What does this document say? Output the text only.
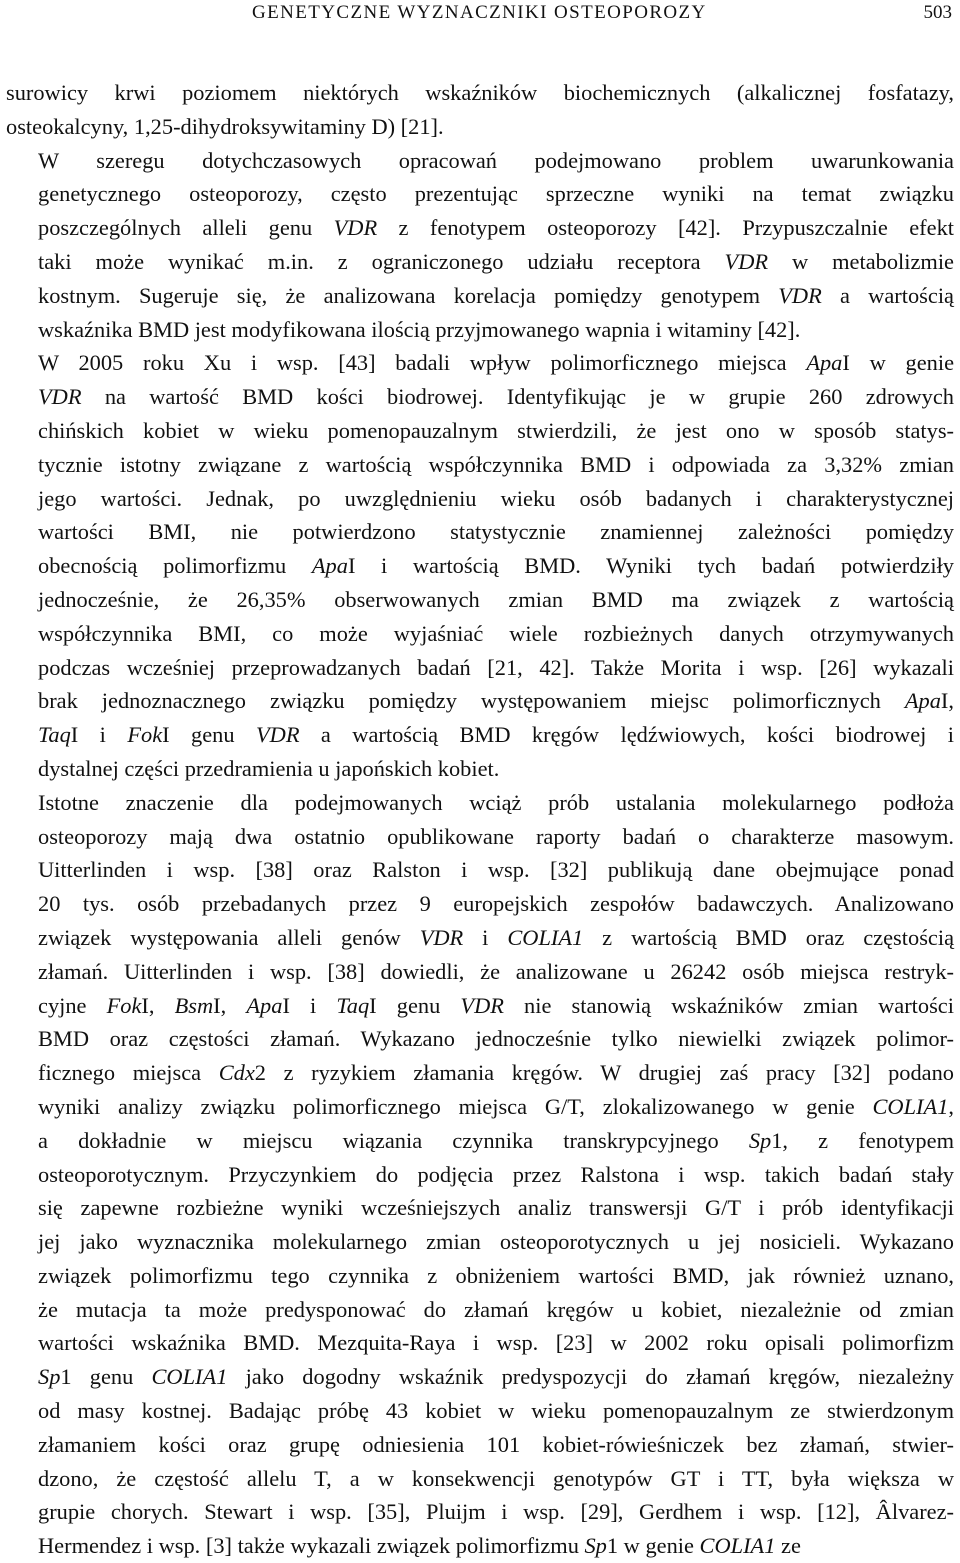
GENETYCZNE WYZNACZNIKI OSTEOPOROZY	503

surowicy krwi poziomem niektórych wskaźników biochemicznych (alkalicznej fosfatazy,
osteokalcyny, 1,25-dihydroksywitaminy D) [21].

W szeregu dotychczasowych opracowań podejmowano problem uwarunkowania
genetycznego osteoporozy, często prezentując sprzeczne wyniki na temat związku
poszczególnych alleli genu VDR z fenotypem osteoporozy [42]. Przypuszczalnie efekt
taki może wynikać m.in. z ograniczonego udziału receptora VDR w metabolizmie
kostnym. Sugeruje się, że analizowana korelacja pomiędzy genotypem VDR a wartością
wskaźnika BMD jest modyfikowana ilością przyjmowanego wapnia i witaminy [42].

W 2005 roku Xu i wsp. [43] badali wpływ polimorficznego miejsca ApaI w genie
VDR na wartość BMD kości biodrowej. Identyfikując je w grupie 260 zdrowych
chińskich kobiet w wieku pomenopauzalnym stwierdzili, że jest ono w sposób statys-
tycznie istotny związane z wartością współczynnika BMD i odpowiada za 3,32% zmian
jego wartości. Jednak, po uwzględnieniu wieku osób badanych i charakterystycznej
wartości BMI, nie potwierdzono statystycznie znamiennej zależności pomiędzy
obecnością polimorfizmu ApaI i wartością BMD. Wyniki tych badań potwierdziły
jednocześnie, że 26,35% obserwowanych zmian BMD ma związek z wartością
współczynnika BMI, co może wyjaśniać wiele rozbieżnych danych otrzymywanych
podczas wcześniej przeprowadzanych badań [21, 42]. Także Morita i wsp. [26] wykazali
brak jednoznacznego związku pomiędzy występowaniem miejsc polimorficznych ApaI,
TaqI i FokI genu VDR a wartością BMD kręgów lędźwiowych, kości biodrowej i
dystalnej części przedramienia u japońskich kobiet.

Istotne znaczenie dla podejmowanych wciąż prób ustalania molekularnego podłoża
osteoporozy mają dwa ostatnio opublikowane raporty badań o charakterze masowym.
Uitterlinden i wsp. [38] oraz Ralston i wsp. [32] publikują dane obejmujące ponad
20 tys. osób przebadanych przez 9 europejskich zespołów badawczych. Analizowano
związek występowania alleli genów VDR i COLIA1 z wartością BMD oraz częstością
złamań. Uitterlinden i wsp. [38] dowiedli, że analizowane u 26242 osób miejsca restryk-
cyjne FokI, BsmI, ApaI i TaqI genu VDR nie stanowią wskaźników zmian wartości
BMD oraz częstości złamań. Wykazano jednocześnie tylko niewielki związek polimor-
ficznego miejsca Cdx2 z ryzykiem złamania kręgów. W drugiej zaś pracy [32] podano
wyniki analizy związku polimorficznego miejsca G/T, zlokalizowanego w genie COLIA1,
a dokładnie w miejscu wiązania czynnika transkrypcyjnego Sp1, z fenotypem
osteoporotycznym. Przyczynkiem do podjęcia przez Ralstona i wsp. takich badań stały
się zapewne rozbieżne wyniki wcześniejszych analiz transwersji G/T i prób identyfikacji
jej jako wyznacznika molekularnego zmian osteoporotycznych u jej nosicieli. Wykazano
związek polimorfizmu tego czynnika z obniżeniem wartości BMD, jak również uznano,
że mutacja ta może predysponować do złamań kręgów u kobiet, niezależnie od zmian
wartości wskaźnika BMD. Mezquita-Raya i wsp. [23] w 2002 roku opisali polimorfizm
Sp1 genu COLIA1 jako dogodny wskaźnik predyspozycji do złamań kręgów, niezależny
od masy kostnej. Badając próbę 43 kobiet w wieku pomenopauzalnym ze stwierdzonym
złamaniem kości oraz grupę odniesienia 101 kobiet-rówieśniczek bez złamań, stwier-
dzono, że częstość allelu T, a w konsekwencji genotypów GT i TT, była większa w
grupie chorych. Stewart i wsp. [35], Pluijm i wsp. [29], Gerdhem i wsp. [12], Âlvarez-
Hermendez i wsp. [3] także wykazali związek polimorfizmu Sp1 w genie COLIA1 ze
